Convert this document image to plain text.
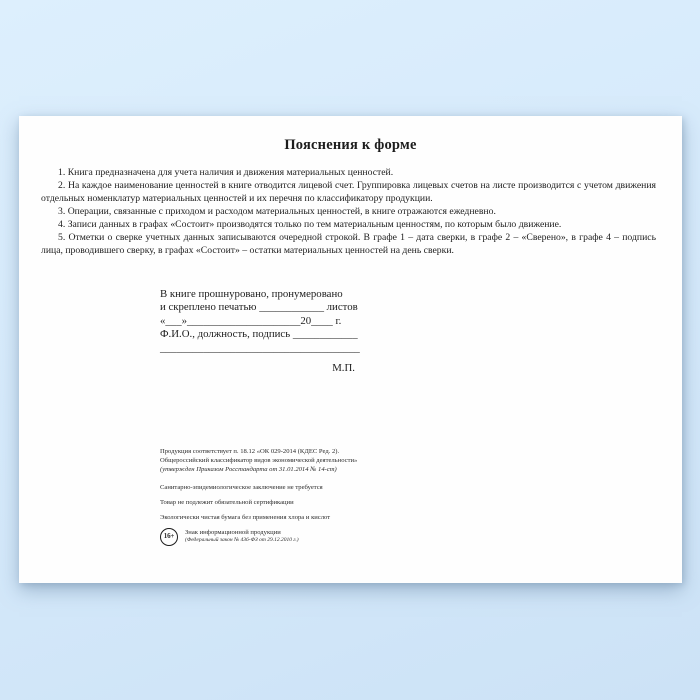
Пояснения к форме

1. Книга предназначена для учета наличия и движения материальных ценностей.

2. На каждое наименование ценностей в книге отводится лицевой счет. Группировка лицевых счетов на листе производится с учетом движения отдельных номенклатур материальных ценностей и их перечня по классификатору продукции.

3. Операции, связанные с приходом и расходом материальных ценностей, в книге отражаются ежедневно.

4. Записи данных в графах «Состоит» производятся только по тем материальным ценностям, по которым было движение.

5. Отметки о сверке учетных данных записываются очередной строкой. В графе 1 – дата сверки, в графе 2 – «Сверено», в графе 4 – подпись лица, проводившего сверку, в графах «Состоит» – остатки материальных ценностей на день сверки.

В книге прошнуровано, пронумеровано
и скреплено печатью ____________ листов
«___»_____________________20____ г.
Ф.И.О., должность, подпись ____________
_____________________________________
М.П.

Продукция соответствует п. 18.12 «ОК 029-2014 (КДЕС Ред. 2).
Общероссийский классификатор видов экономической деятельности»
(утвержден Приказом Росстандарта от 31.01.2014 № 14-ст)

Санитарно-эпидемиологическое заключение не требуется

Товар не подлежит обязательной сертификации

Экологически чистая бумага без применения хлора и кислот

16+	Знак информационной продукции
(Федеральный закон № 436-ФЗ от 29.12.2010 г.)
